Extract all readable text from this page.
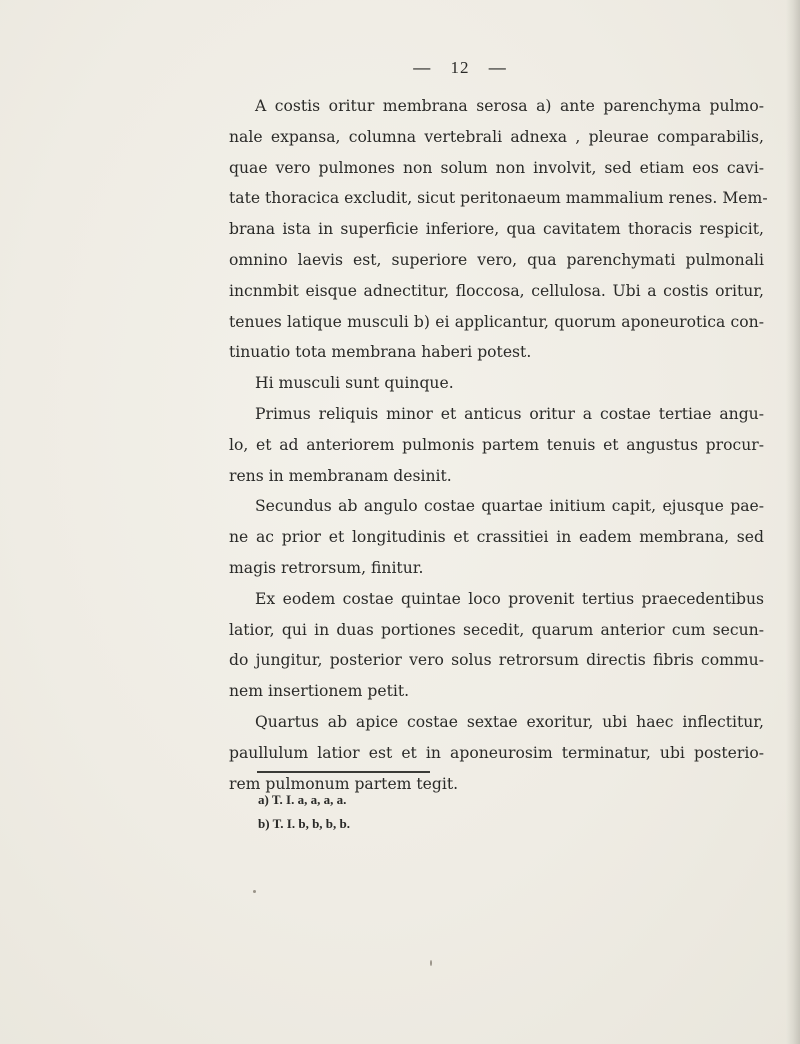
— 12 —
A costis oritur membrana serosa a) ante parenchyma pulmo-
nale expansa, columna vertebrali adnexa , pleurae comparabilis,
quae vero pulmones non solum non involvit, sed etiam eos cavi-
tate thoracica excludit, sicut peritonaeum mammalium renes. Mem-
brana ista in superficie inferiore, qua cavitatem thoracis respicit,
omnino laevis est, superiore vero, qua parenchymati pulmonali
incnmbit eisque adnectitur, floccosa, cellulosa. Ubi a costis oritur,
tenues latique musculi b) ei applicantur, quorum aponeurotica con-
tinuatio tota membrana haberi potest.
Hi musculi sunt quinque.
Primus reliquis minor et anticus oritur a costae tertiae angu-
lo, et ad anteriorem pulmonis partem tenuis et angustus procur-
rens in membranam desinit.
Secundus ab angulo costae quartae initium capit, ejusque pae-
ne ac prior et longitudinis et crassitiei in eadem membrana, sed
magis retrorsum, finitur.
Ex eodem costae quintae loco provenit tertius praecedentibus
latior, qui in duas portiones secedit, quarum anterior cum secun-
do jungitur, posterior vero solus retrorsum directis fibris commu-
nem insertionem petit.
Quartus ab apice costae sextae exoritur, ubi haec inflectitur,
paullulum latior est et in aponeurosim terminatur, ubi posterio-
rem pulmonum partem tegit.
a) T. I. a, a, a, a.
b) T. I. b, b, b, b.
